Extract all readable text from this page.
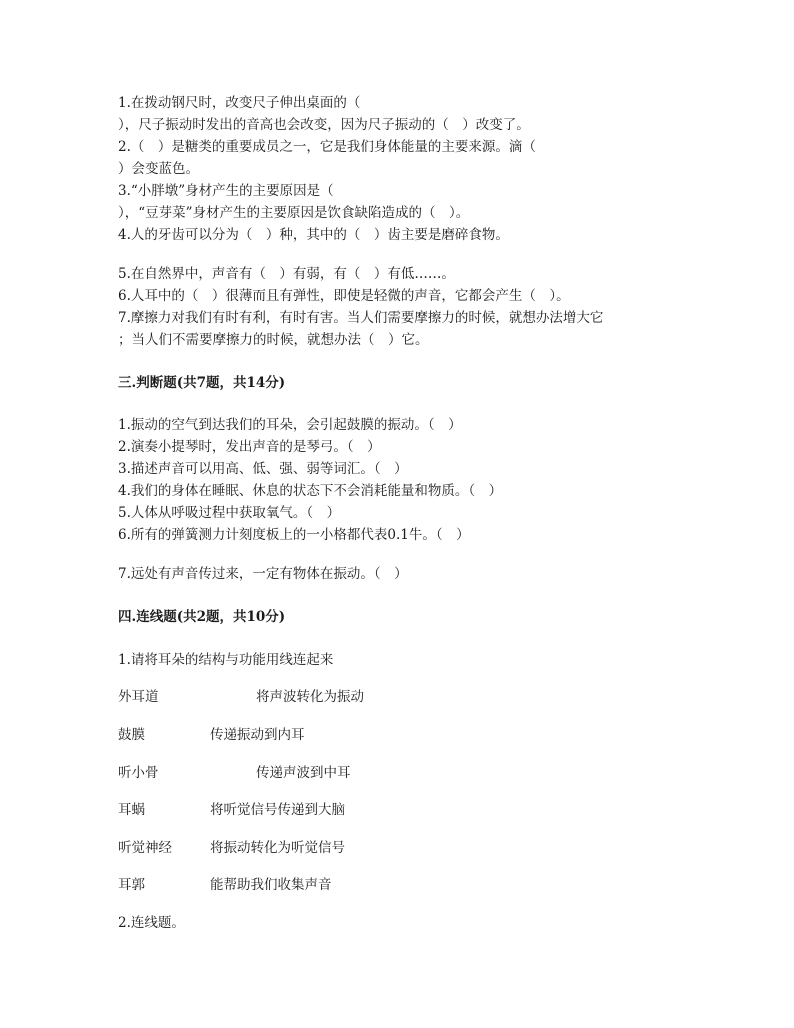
1.在拨动钢尺时，改变尺子伸出桌面的（
），尺子振动时发出的音高也会改变，因为尺子振动的（　）改变了。
2.（　）是糖类的重要成员之一，它是我们身体能量的主要来源。滴（
）会变蓝色。
3.“小胖墩”身材产生的主要原因是（
），“豆芽菜”身材产生的主要原因是饮食缺陷造成的（　）。
4.人的牙齿可以分为（　）种，其中的（　）齿主要是磨碎食物。
5.在自然界中，声音有（　）有弱，有（　）有低……。
6.人耳中的（　）很薄而且有弹性，即使是轻微的声音，它都会产生（　）。
7.摩擦力对我们有时有利，有时有害。当人们需要摩擦力的时候，就想办法增大它
；当人们不需要摩擦力的时候，就想办法（　）它。
三.判断题(共7题，共14分)
1.振动的空气到达我们的耳朵，会引起鼓膜的振动。（　）
2.演奏小提琴时，发出声音的是琴弓。（　）
3.描述声音可以用高、低、强、弱等词汇。（　）
4.我们的身体在睡眠、休息的状态下不会消耗能量和物质。（　）
5.人体从呼吸过程中获取氧气。（　）
6.所有的弹簧测力计刻度板上的一小格都代表0.1牛。（　）
7.远处有声音传过来，一定有物体在振动。（　）
四.连线题(共2题，共10分)
1.请将耳朵的结构与功能用线连起来
外耳道	将声波转化为振动
鼓膜	传递振动到内耳
听小骨	传递声波到中耳
耳蜗	将听觉信号传递到大脑
听觉神经	将振动转化为听觉信号
耳郭	能帮助我们收集声音
2.连线题。
